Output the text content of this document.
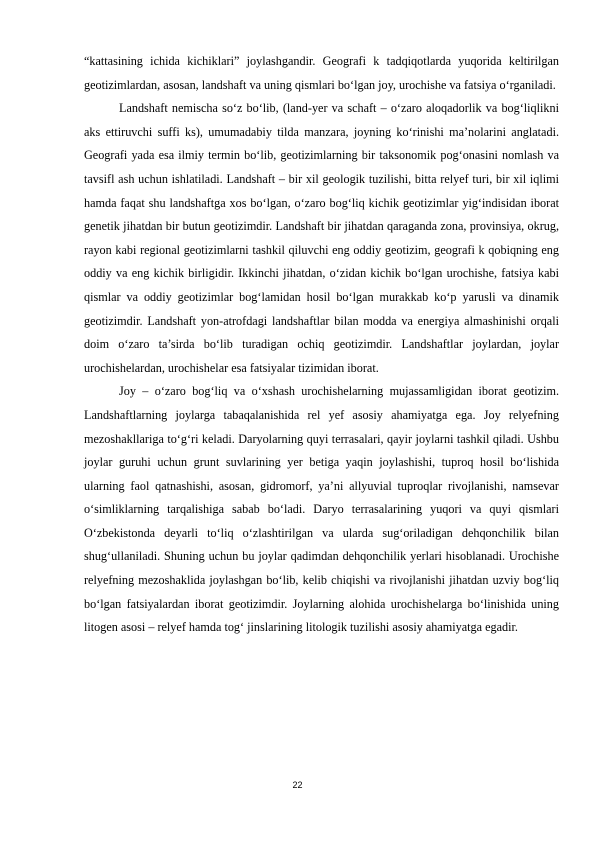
“kattasining ichida kichiklari” joylashgandir. Geografi k tadqiqotlarda yuqorida keltirilgan geotizimlardan, asosan, landshaft va uning qismlari bo‘lgan joy, urochishe va fatsiya o‘rganiladi.

Landshaft nemischa so‘z bo‘lib, (land-yer va schaft – o‘zaro aloqadorlik va bog‘liqlikni aks ettiruvchi suffi ks), umumadabiy tilda manzara, joyning ko‘rinishi ma’nolarini anglatadi. Geografi yada esa ilmiy termin bo‘lib, geotizimlarning bir taksonomik pog‘onasini nomlash va tavsifl ash uchun ishlatiladi. Landshaft – bir xil geologik tuzilishi, bitta relyef turi, bir xil iqlimi hamda faqat shu landshaftga xos bo‘lgan, o‘zaro bog‘liq kichik geotizimlar yig‘indisidan iborat genetik jihatdan bir butun geotizimdir. Landshaft bir jihatdan qaraganda zona, provinsiya, okrug, rayon kabi regional geotizimlarni tashkil qiluvchi eng oddiy geotizim, geografi k qobiqning eng oddiy va eng kichik birligidir. Ikkinchi jihatdan, o‘zidan kichik bo‘lgan urochishe, fatsiya kabi qismlar va oddiy geotizimlar bog‘lamidan hosil bo‘lgan murakkab ko‘p yarusli va dinamik geotizimdir. Landshaft yon-atrofdagi landshaftlar bilan modda va energiya almashinishi orqali doim o‘zaro ta’sirda bo‘lib turadigan ochiq geotizimdir. Landshaftlar joylardan, joylar urochishelardan, urochishelar esa fatsiyalar tizimidan iborat.

Joy – o‘zaro bog‘liq va o‘xshash urochishelarning mujassamligidan iborat geotizim. Landshaftlarning joylarga tabaqalanishida rel yef asosiy ahamiyatga ega. Joy relyefning mezoshakllariga to‘g‘ri keladi. Daryolarning quyi terrasalari, qayir joylarni tashkil qiladi. Ushbu joylar guruhi uchun grunt suvlarining yer betiga yaqin joylashishi, tuproq hosil bo‘lishida ularning faol qatnashishi, asosan, gidromorf, ya’ni allyuvial tuproqlar rivojlanishi, namsevar o‘simliklarning tarqalishiga sabab bo‘ladi. Daryo terrasalarining yuqori va quyi qismlari O‘zbekistonda deyarli to‘liq o‘zlashtirilgan va ularda sug‘oriladigan dehqonchilik bilan shug‘ullaniladi. Shuning uchun bu joylar qadimdan dehqonchilik yerlari hisoblanadi. Urochishe relyefning mezoshaklida joylashgan bo‘lib, kelib chiqishi va rivojlanishi jihatdan uzviy bog‘liq bo‘lgan fatsiyalardan iborat geotizimdir. Joylarning alohida urochishelarga bo‘linishida uning litogen asosi – relyef hamda tog‘ jinslarining litologik tuzilishi asosiy ahamiyatga egadir.

22
